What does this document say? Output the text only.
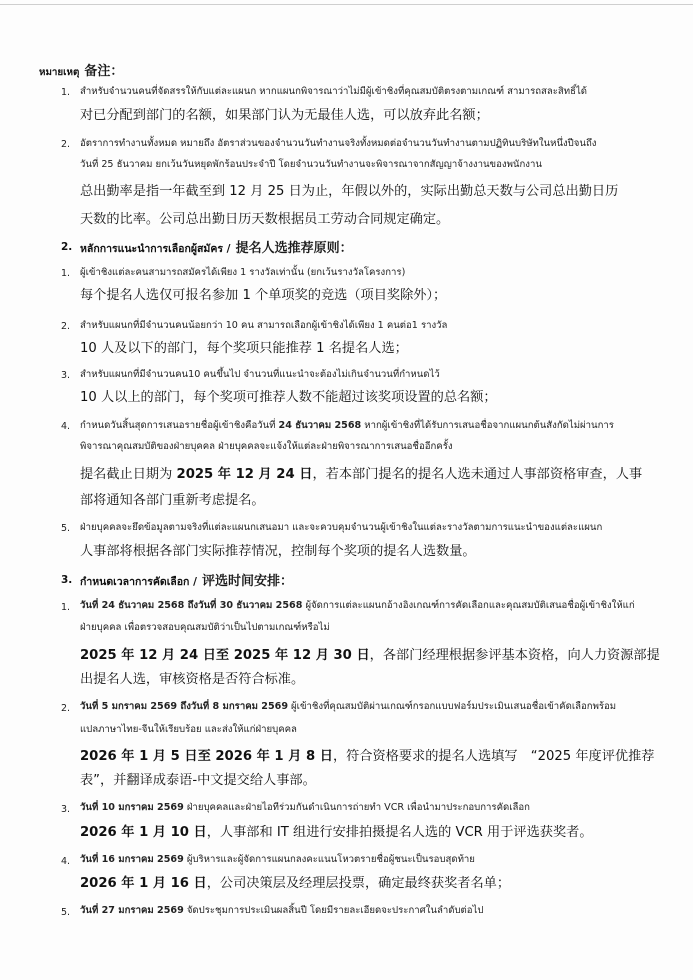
หมายเหตุ 备注：
1. สำหรับจำนวนคนที่จัดสรรให้กับแต่ละแผนก หากแผนกพิจารณาว่าไม่มีผู้เข้าชิงที่คุณสมบัติตรงตามเกณฑ์ สามารถสละสิทธิ์ได้
对已分配到部门的名额，如果部门认为无最佳人选，可以放弃此名额；
2. อัตราการทำงานทั้งหมด หมายถึง อัตราส่วนของจำนวนวันทำงานจริงทั้งหมดต่อจำนวนวันทำงานตามปฏิทินบริษัทในหนึ่งปีจนถึง
วันที่ 25 ธันวาคม ยกเว้นวันหยุดพักร้อนประจำปี โดยจำนวนวันทำงานจะพิจารณาจากสัญญาจ้างงานของพนักงาน
总出勤率是指一年截至到 12 月 25 日为止，年假以外的，实际出勤总天数与公司总出勤日历
天数的比率。公司总出勤日历天数根据员工劳动合同规定确定。
2. หลักการแนะนำการเลือกผู้สมัคร / 提名人选推荐原则：
1. ผู้เข้าชิงแต่ละคนสามารถสมัครได้เพียง 1 รางวัลเท่านั้น (ยกเว้นรางวัลโครงการ)
每个提名人选仅可报名参加 1 个单项奖的竞选（项目奖除外）；
2. สำหรับแผนกที่มีจำนวนคนน้อยกว่า 10 คน สามารถเลือกผู้เข้าชิงได้เพียง 1 คนต่อ1 รางวัล
10 人及以下的部门，每个奖项只能推荐 1 名提名人选；
3. สำหรับแผนกที่มีจำนวนคน10 คนขึ้นไป จำนวนที่แนะนำจะต้องไม่เกินจำนวนที่กำหนดไว้
10 人以上的部门，每个奖项可推荐人数不能超过该奖项设置的总名额；
4. กำหนดวันสิ้นสุดการเสนอรายชื่อผู้เข้าชิงคือวันที่ 24 ธันวาคม 2568 หากผู้เข้าชิงที่ได้รับการเสนอชื่อจากแผนกต้นสังกัดไม่ผ่านการ
พิจารณาคุณสมบัติของฝ่ายบุคคล ฝ่ายบุคคลจะแจ้งให้แต่ละฝ่ายพิจารณาการเสนอชื่ออีกครั้ง
提名截止日期为 2025 年 12 月 24 日，若本部门提名的提名人选未通过人事部资格审查，人事
部将通知各部门重新考虑提名。
5. ฝ่ายบุคคลจะยึดข้อมูลตามจริงที่แต่ละแผนกเสนอมา และจะควบคุมจำนวนผู้เข้าชิงในแต่ละรางวัลตามการแนะนำของแต่ละแผนก
人事部将根据各部门实际推荐情况，控制每个奖项的提名人选数量。
3. กำหนดเวลาการคัดเลือก / 评选时间安排：
1. วันที่ 24 ธันวาคม 2568 ถึงวันที่ 30 ธันวาคม 2568 ผู้จัดการแต่ละแผนกอ้างอิงเกณฑ์การคัดเลือกและคุณสมบัติเสนอชื่อผู้เข้าชิงให้แก่
ฝ่ายบุคคล เพื่อตรวจสอบคุณสมบัติว่าเป็นไปตามเกณฑ์หรือไม่
2025 年 12 月 24 日至 2025 年 12 月 30 日，各部门经理根据参评基本资格，向人力资源部提
出提名人选，审核资格是否符合标准。
2. วันที่ 5 มกราคม 2569 ถึงวันที่ 8 มกราคม 2569 ผู้เข้าชิงที่คุณสมบัติผ่านเกณฑ์กรอกแบบฟอร์มประเมินเสนอชื่อเข้าคัดเลือกพร้อม
แปลภาษาไทย-จีนให้เรียบร้อย และส่งให้แก่ฝ่ายบุคคล
2026 年 1 月 5 日至 2026 年 1 月 8 日，符合资格要求的提名人选填写　“2025 年度评优推荐
表”，并翻译成泰语-中文提交给人事部。
3. วันที่ 10 มกราคม 2569 ฝ่ายบุคคลและฝ่ายไอทีร่วมกันดำเนินการถ่ายทำ VCR เพื่อนำมาประกอบการคัดเลือก
2026 年 1 月 10 日，人事部和 IT 组进行安排拍摄提名人选的 VCR 用于评选获奖者。
4. วันที่ 16 มกราคม 2569 ผู้บริหารและผู้จัดการแผนกลงคะแนนโหวตรายชื่อผู้ชนะเป็นรอบสุดท้าย
2026 年 1 月 16 日，公司决策层及经理层投票，确定最终获奖者名单；
5. วันที่ 27 มกราคม 2569 จัดประชุมการประเมินผลสิ้นปี โดยมีรายละเอียดจะประกาศในลำดับต่อไป
